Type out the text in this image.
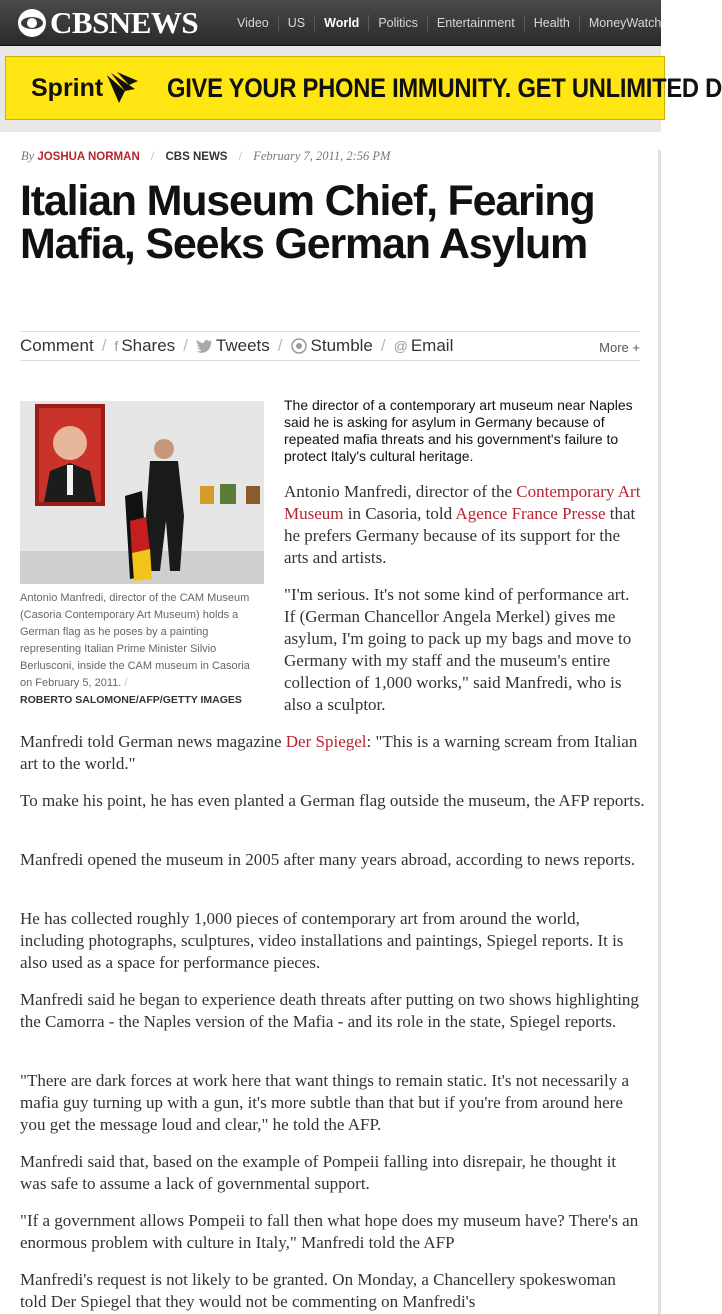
CBSNEWS	Video	US	World	Politics	Entertainment	Health	MoneyWatch
Sprint GIVE YOUR PHONE IMMUNITY. GET UNLIMITED D
By JOSHUA NORMAN / CBS NEWS / February 7, 2011, 2:56 PM
Italian Museum Chief, Fearing Mafia, Seeks German Asylum
Comment / f Shares / Tweets / Stumble / @ Email	More +
Antonio Manfredi, director of the CAM Museum (Casoria Contemporary Art Museum) holds a German flag as he poses by a painting representing Italian Prime Minister Silvio Berlusconi, inside the CAM museum in Casoria on February 5, 2011. /
ROBERTO SALOMONE/AFP/GETTY IMAGES

The director of a contemporary art museum near Naples said he is asking for asylum in Germany because of repeated mafia threats and his government's failure to protect Italy's cultural heritage.

Antonio Manfredi, director of the Contemporary Art Museum in Casoria, told Agence France Presse that he prefers Germany because of its support for the arts and artists.

"I'm serious. It's not some kind of performance art. If (German Chancellor Angela Merkel) gives me asylum, I'm going to pack up my bags and move to Germany with my staff and the museum's entire collection of 1,000 works," said Manfredi, who is also a sculptor.

Manfredi told German news magazine Der Spiegel: "This is a warning scream from Italian art to the world."

To make his point, he has even planted a German flag outside the museum, the AFP reports.

Manfredi opened the museum in 2005 after many years abroad, according to news reports.

He has collected roughly 1,000 pieces of contemporary art from around the world, including photographs, sculptures, video installations and paintings, Spiegel reports. It is also used as a space for performance pieces.

Manfredi said he began to experience death threats after putting on two shows highlighting the Camorra - the Naples version of the Mafia - and its role in the state, Spiegel reports.

"There are dark forces at work here that want things to remain static. It's not necessarily a mafia guy turning up with a gun, it's more subtle than that but if you're from around here you get the message loud and clear," he told the AFP.

Manfredi said that, based on the example of Pompeii falling into disrepair, he thought it was safe to assume a lack of governmental support.

"If a government allows Pompeii to fall then what hope does my museum have? There's an enormous problem with culture in Italy," Manfredi told the AFP

Manfredi's request is not likely to be granted. On Monday, a Chancellery spokeswoman told Der Spiegel that they would not be commenting on Manfredi's
